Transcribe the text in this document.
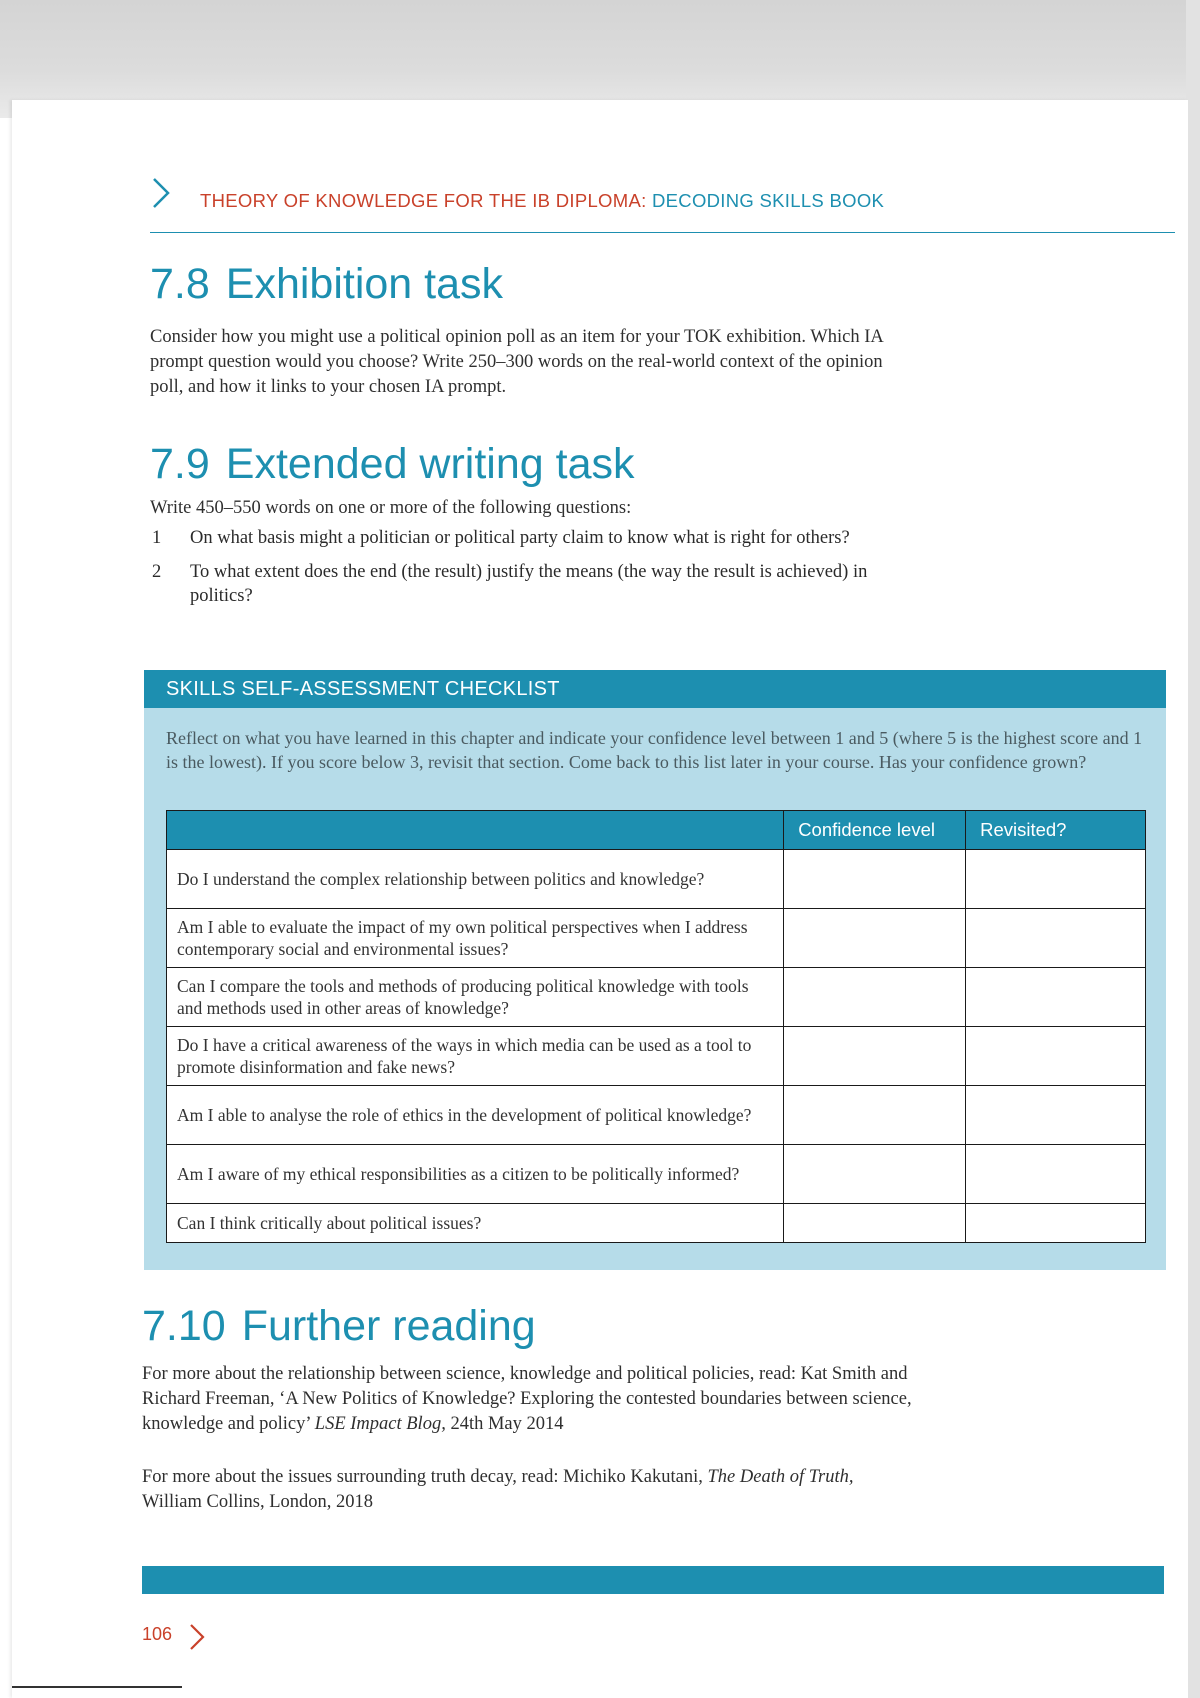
THEORY OF KNOWLEDGE FOR THE IB DIPLOMA: DECODING SKILLS BOOK
7.8 Exhibition task

Consider how you might use a political opinion poll as an item for your TOK exhibition. Which IA prompt question would you choose? Write 250–300 words on the real-world context of the opinion poll, and how it links to your chosen IA prompt.

7.9 Extended writing task

Write 450–550 words on one or more of the following questions:

1 On what basis might a politician or political party claim to know what is right for others?
2 To what extent does the end (the result) justify the means (the way the result is achieved) in politics?
SKILLS SELF-ASSESSMENT CHECKLIST

Reflect on what you have learned in this chapter and indicate your confidence level between 1 and 5 (where 5 is the highest score and 1 is the lowest). If you score below 3, revisit that section. Come back to this list later in your course. Has your confidence grown?

	Confidence level	Revisited?
Do I understand the complex relationship between politics and knowledge?		
Am I able to evaluate the impact of my own political perspectives when I address contemporary social and environmental issues?		
Can I compare the tools and methods of producing political knowledge with tools and methods used in other areas of knowledge?		
Do I have a critical awareness of the ways in which media can be used as a tool to promote disinformation and fake news?		
Am I able to analyse the role of ethics in the development of political knowledge?		
Am I aware of my ethical responsibilities as a citizen to be politically informed?		
Can I think critically about political issues?		
7.10 Further reading

For more about the relationship between science, knowledge and political policies, read: Kat Smith and Richard Freeman, ‘A New Politics of Knowledge? Exploring the contested boundaries between science, knowledge and policy’ LSE Impact Blog, 24th May 2014

For more about the issues surrounding truth decay, read: Michiko Kakutani, The Death of Truth, William Collins, London, 2018

106
